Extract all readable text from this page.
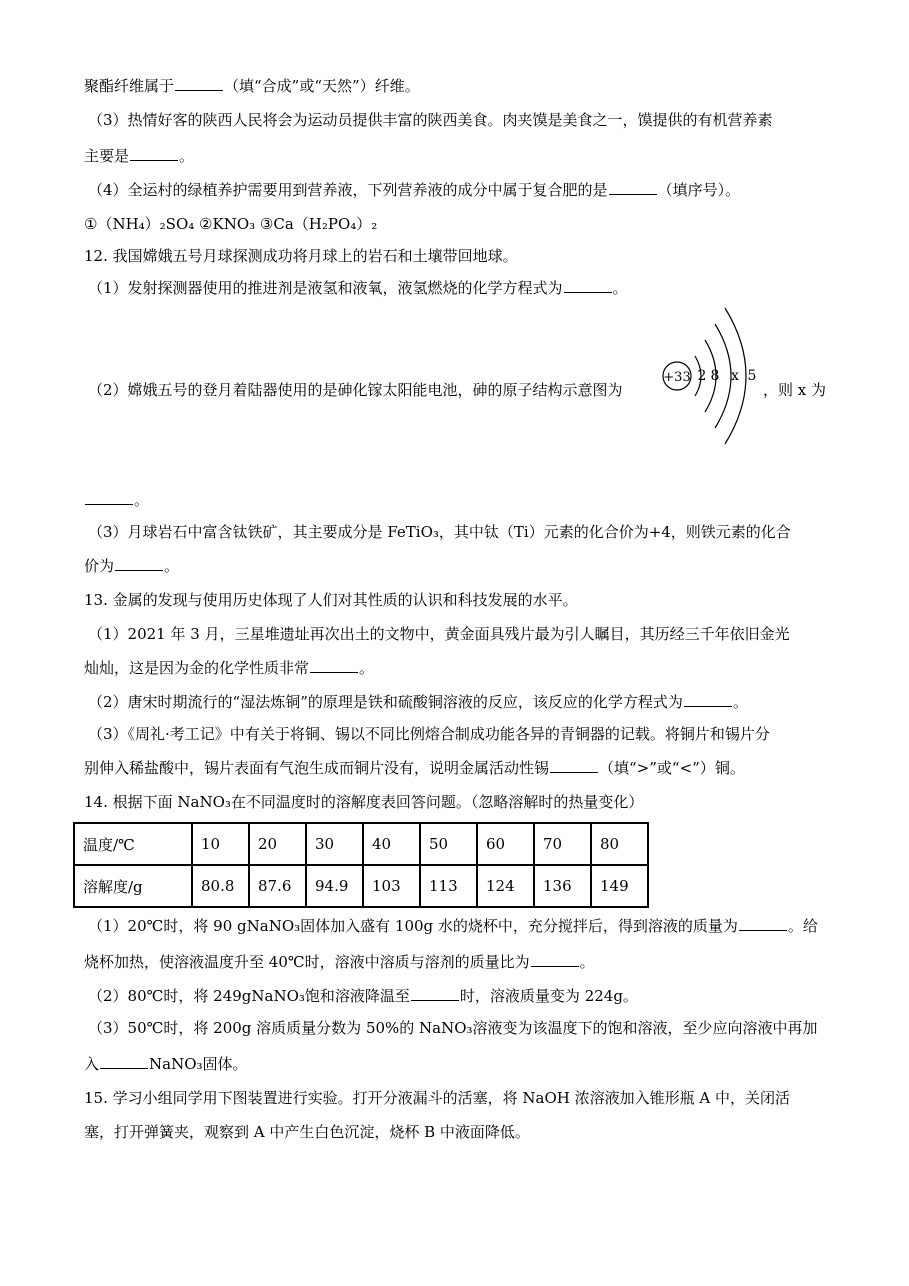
聚酯纤维属于	（填“合成”或“天然”）纤维。
（3）热情好客的陕西人民将会为运动员提供丰富的陕西美食。肉夹馍是美食之一，馍提供的有机营养素
主要是	。
（4）全运村的绿植养护需要用到营养液，下列营养液的成分中属于复合肥的是	（填序号）。
①（NH₄）₂SO₄ ②KNO₃ ③Ca（H₂PO₄）₂
12. 我国嫦娥五号月球探测成功将月球上的岩石和土壤带回地球。
（1）发射探测器使用的推进剂是液氢和液氧，液氢燃烧的化学方程式为	。
（2）嫦娥五号的登月着陆器使用的是砷化镓太阳能电池，砷的原子结构示意图为
+33 2 8 x 5
，则 x 为
。
（3）月球岩石中富含钛铁矿，其主要成分是 FeTiO₃，其中钛（Ti）元素的化合价为+4，则铁元素的化合
价为	。
13. 金属的发现与使用历史体现了人们对其性质的认识和科技发展的水平。
（1）2021 年 3 月，三星堆遗址再次出土的文物中，黄金面具残片最为引人瞩目，其历经三千年依旧金光
灿灿，这是因为金的化学性质非常	。
（2）唐宋时期流行的“湿法炼铜”的原理是铁和硫酸铜溶液的反应，该反应的化学方程式为	。
（3）《周礼·考工记》中有关于将铜、锡以不同比例熔合制成功能各异的青铜器的记载。将铜片和锡片分
别伸入稀盐酸中，锡片表面有气泡生成而铜片没有，说明金属活动性锡	（填“>”或“<”）铜。
14. 根据下面 NaNO₃在不同温度时的溶解度表回答问题。（忽略溶解时的热量变化）
温度/℃	10	20	30	40	50	60	70	80
溶解度/g	80.8	87.6	94.9	103	113	124	136	149
（1）20℃时，将 90 gNaNO₃固体加入盛有 100g 水的烧杯中，充分搅拌后，得到溶液的质量为	。给
烧杯加热，使溶液温度升至 40℃时，溶液中溶质与溶剂的质量比为	。
（2）80℃时，将 249gNaNO₃饱和溶液降温至	时，溶液质量变为 224g。
（3）50℃时，将 200g 溶质质量分数为 50%的 NaNO₃溶液变为该温度下的饱和溶液，至少应向溶液中再加
入	NaNO₃固体。
15. 学习小组同学用下图装置进行实验。打开分液漏斗的活塞，将 NaOH 浓溶液加入锥形瓶 A 中，关闭活
塞，打开弹簧夹，观察到 A 中产生白色沉淀，烧杯 B 中液面降低。
